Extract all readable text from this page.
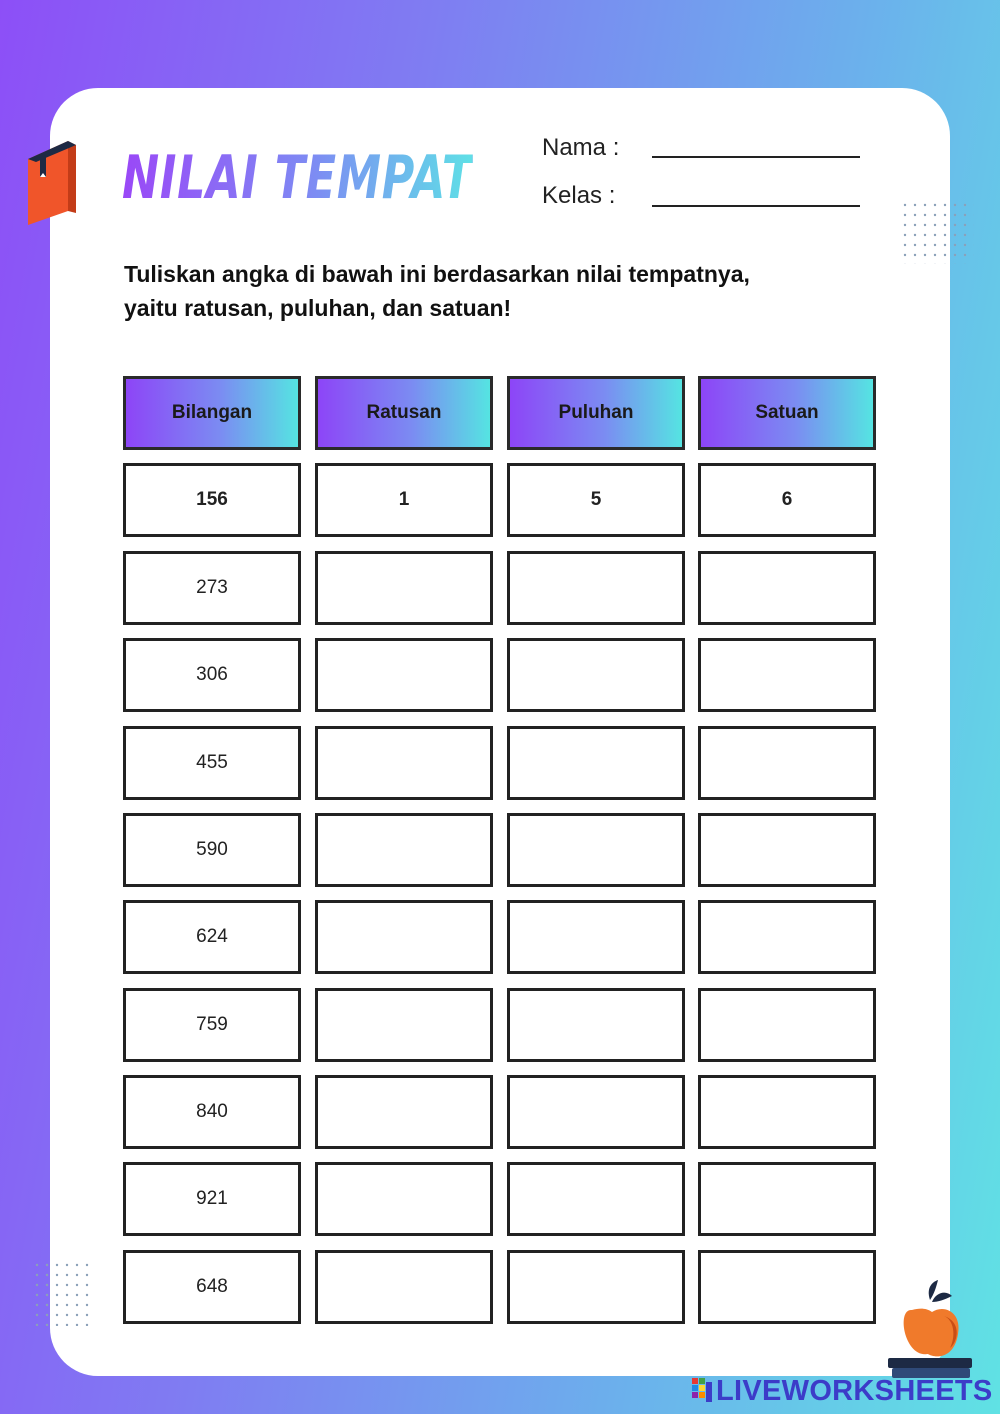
NILAI TEMPAT	Nama :
Kelas :

Tuliskan angka di bawah ini berdasarkan nilai tempatnya,
yaitu ratusan, puluhan, dan satuan!

Bilangan	Ratusan	Puluhan	Satuan
156	1	5	6
273
306
455
590
624
759
840
921
648
LIVEWORKSHEETS
